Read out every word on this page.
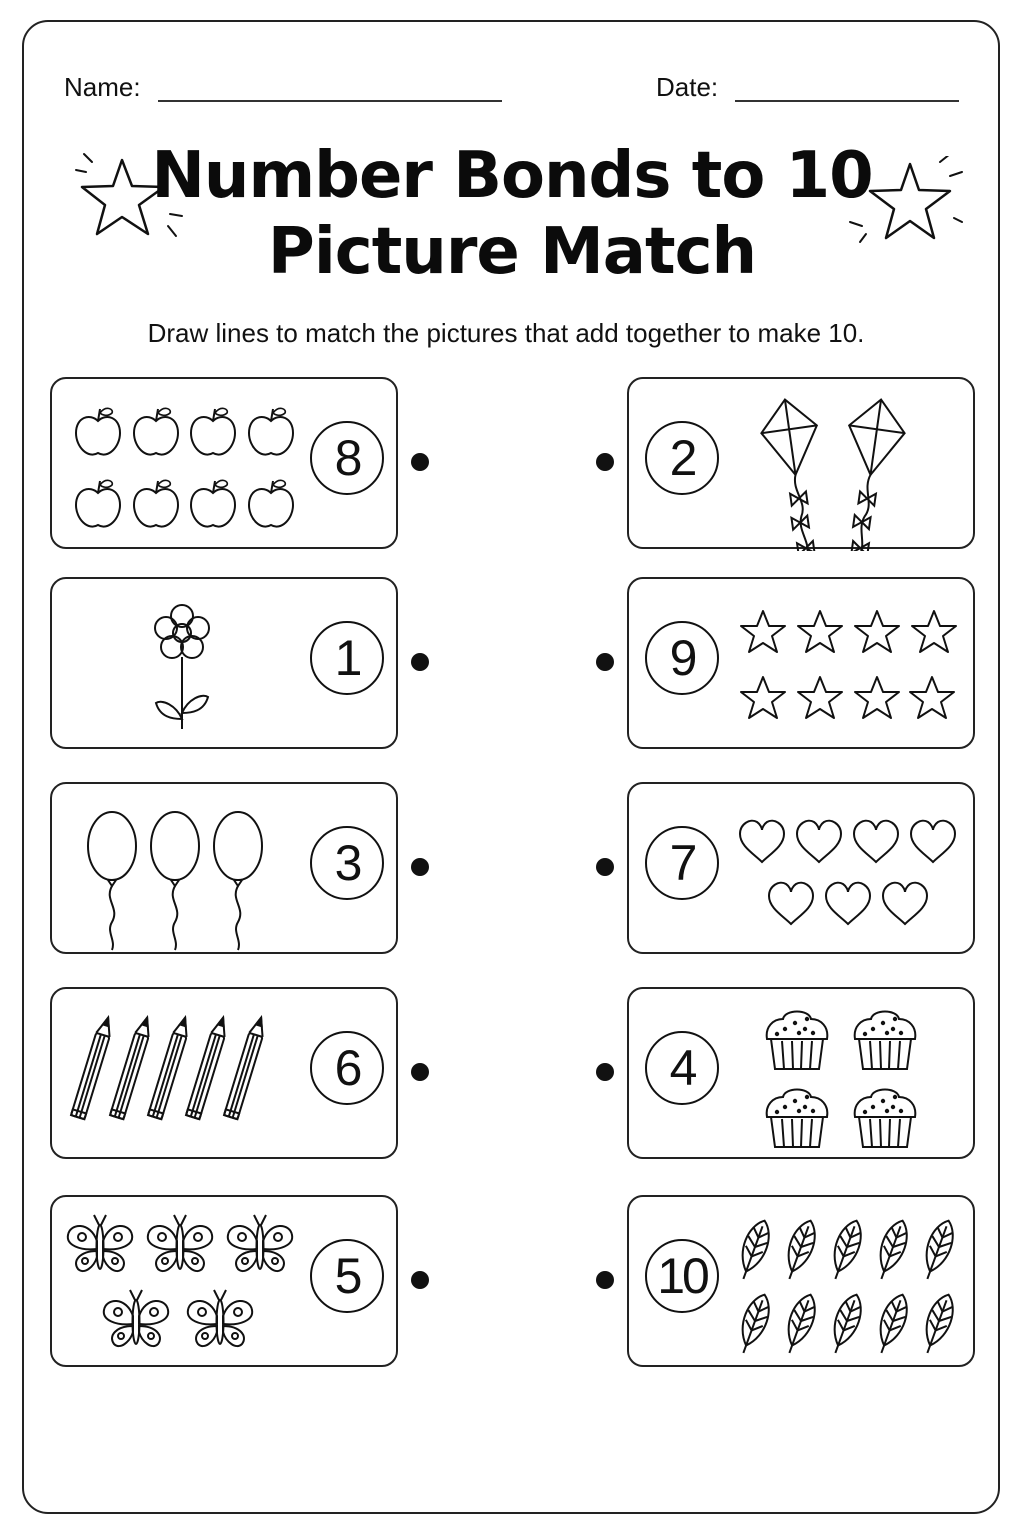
Name:	Date:
Number Bonds to 10
Picture Match
Draw lines to match the pictures that add together to make 10.
8
1
3
6
5
2
9
7
4
10
